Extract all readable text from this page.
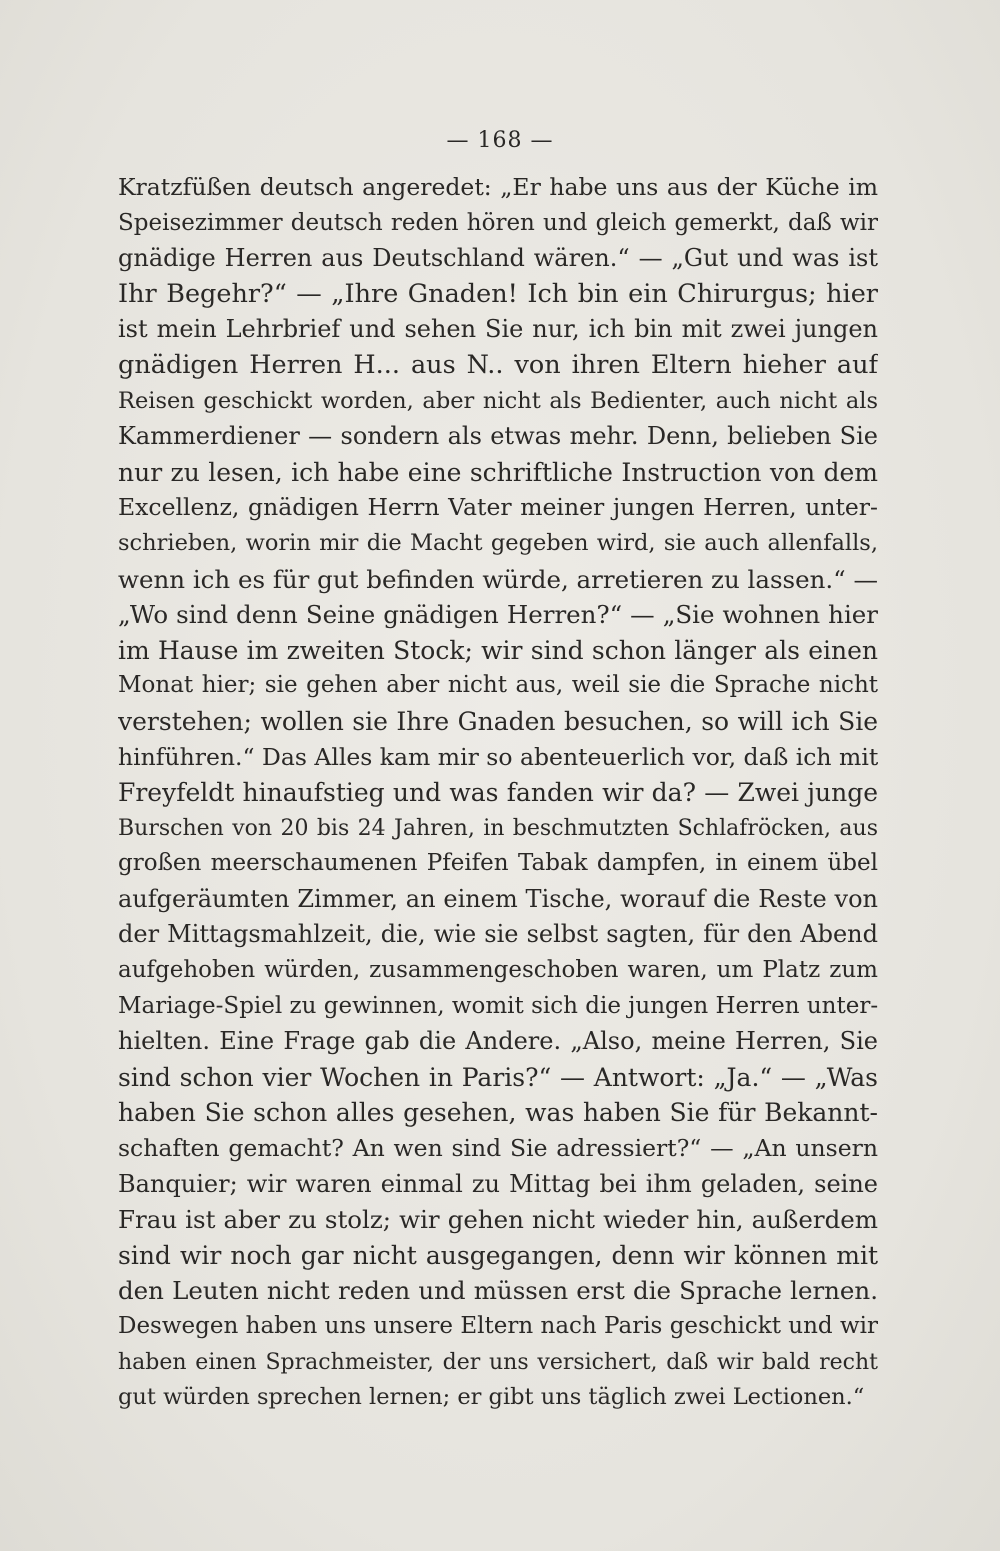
— 168 —
Kratzfüßen deutsch angeredet: „Er habe uns aus der Küche im
Speisezimmer deutsch reden hören und gleich gemerkt, daß wir
gnädige Herren aus Deutschland wären.“ — „Gut und was ist
Ihr Begehr?“ — „Ihre Gnaden! Ich bin ein Chirurgus; hier
ist mein Lehrbrief und sehen Sie nur, ich bin mit zwei jungen
gnädigen Herren H... aus N.. von ihren Eltern hieher auf
Reisen geschickt worden, aber nicht als Bedienter, auch nicht als
Kammerdiener — sondern als etwas mehr. Denn, belieben Sie
nur zu lesen, ich habe eine schriftliche Instruction von dem
Excellenz, gnädigen Herrn Vater meiner jungen Herren, unter-
schrieben, worin mir die Macht gegeben wird, sie auch allenfalls,
wenn ich es für gut befinden würde, arretieren zu lassen.“ —
„Wo sind denn Seine gnädigen Herren?“ — „Sie wohnen hier
im Hause im zweiten Stock; wir sind schon länger als einen
Monat hier; sie gehen aber nicht aus, weil sie die Sprache nicht
verstehen; wollen sie Ihre Gnaden besuchen, so will ich Sie
hinführen.“ Das Alles kam mir so abenteuerlich vor, daß ich mit
Freyfeldt hinaufstieg und was fanden wir da? — Zwei junge
Burschen von 20 bis 24 Jahren, in beschmutzten Schlafröcken, aus
großen meerschaumenen Pfeifen Tabak dampfen, in einem übel
aufgeräumten Zimmer, an einem Tische, worauf die Reste von
der Mittagsmahlzeit, die, wie sie selbst sagten, für den Abend
aufgehoben würden, zusammengeschoben waren, um Platz zum
Mariage-Spiel zu gewinnen, womit sich die jungen Herren unter-
hielten. Eine Frage gab die Andere. „Also, meine Herren, Sie
sind schon vier Wochen in Paris?“ — Antwort: „Ja.“ — „Was
haben Sie schon alles gesehen, was haben Sie für Bekannt-
schaften gemacht? An wen sind Sie adressiert?“ — „An unsern
Banquier; wir waren einmal zu Mittag bei ihm geladen, seine
Frau ist aber zu stolz; wir gehen nicht wieder hin, außerdem
sind wir noch gar nicht ausgegangen, denn wir können mit
den Leuten nicht reden und müssen erst die Sprache lernen.
Deswegen haben uns unsere Eltern nach Paris geschickt und wir
haben einen Sprachmeister, der uns versichert, daß wir bald recht
gut würden sprechen lernen; er gibt uns täglich zwei Lectionen.“
